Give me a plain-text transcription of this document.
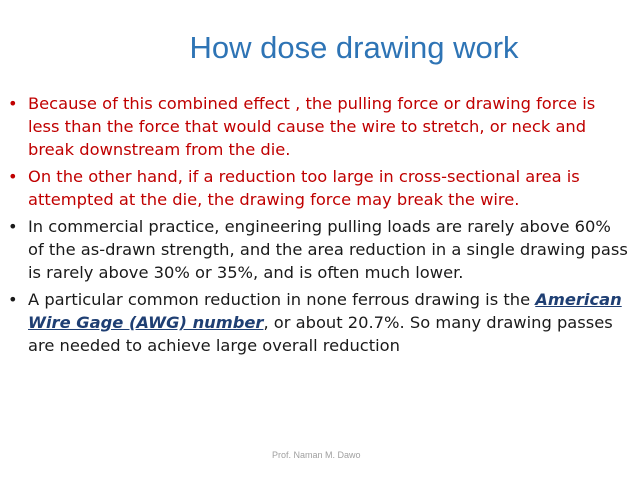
How dose drawing work
• Because of this combined effect , the pulling force or drawing force is less than the force that would cause the wire to stretch, or neck and break downstream from the die.
• On the other hand, if a reduction too large in cross-sectional area is attempted at the die, the drawing force may break the wire.
• In commercial practice, engineering pulling loads are rarely above 60% of the as-drawn strength, and the area reduction in a single drawing pass is rarely above 30% or 35%, and is often much lower.
• A particular common reduction in none ferrous drawing is the American Wire Gage (AWG) number, or about 20.7%. So many drawing passes are needed to achieve large overall reduction
Prof. Naman M. Dawo
